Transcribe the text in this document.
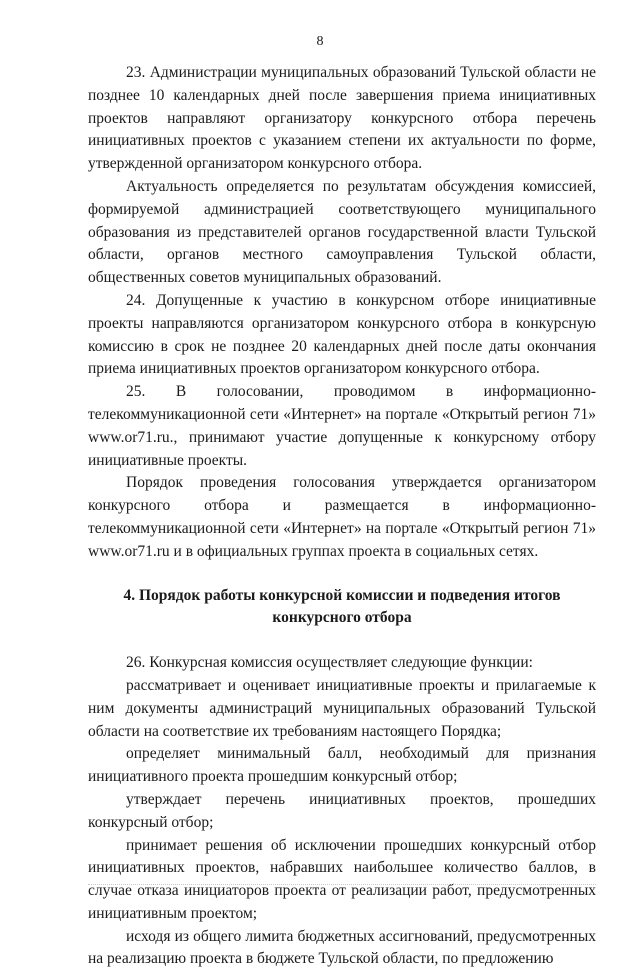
8

23. Администрации муниципальных образований Тульской области не позднее 10 календарных дней после завершения приема инициативных проектов направляют организатору конкурсного отбора перечень инициативных проектов с указанием степени их актуальности по форме, утвержденной организатором конкурсного отбора.

Актуальность определяется по результатам обсуждения комиссией, формируемой администрацией соответствующего муниципального образования из представителей органов государственной власти Тульской области, органов местного самоуправления Тульской области, общественных советов муниципальных образований.

24. Допущенные к участию в конкурсном отборе инициативные проекты направляются организатором конкурсного отбора в конкурсную комиссию в срок не позднее 20 календарных дней после даты окончания приема инициативных проектов организатором конкурсного отбора.

25. В голосовании, проводимом в информационно-телекоммуникационной сети «Интернет» на портале «Открытый регион 71» www.or71.ru., принимают участие допущенные к конкурсному отбору инициативные проекты.

Порядок проведения голосования утверждается организатором конкурсного отбора и размещается в информационно-телекоммуникационной сети «Интернет» на портале «Открытый регион 71» www.or71.ru и в официальных группах проекта в социальных сетях.

4. Порядок работы конкурсной комиссии и подведения итогов
конкурсного отбора

26. Конкурсная комиссия осуществляет следующие функции:

рассматривает и оценивает инициативные проекты и прилагаемые к ним документы администраций муниципальных образований Тульской области на соответствие их требованиям настоящего Порядка;

определяет минимальный балл, необходимый для признания инициативного проекта прошедшим конкурсный отбор;

утверждает перечень инициативных проектов, прошедших конкурсный отбор;

принимает решения об исключении прошедших конкурсный отбор инициативных проектов, набравших наибольшее количество баллов, в случае отказа инициаторов проекта от реализации работ, предусмотренных инициативным проектом;

исходя из общего лимита бюджетных ассигнований, предусмотренных на реализацию проекта в бюджете Тульской области, по предложению
